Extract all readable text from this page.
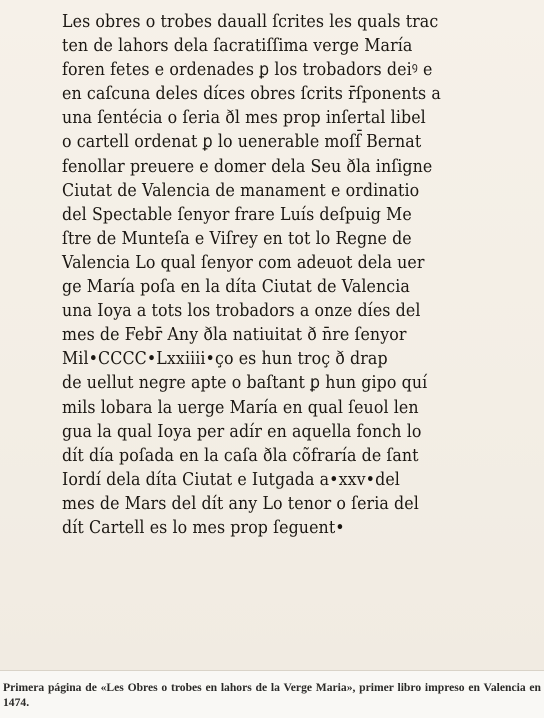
Les obres o trobes dauall ſcrites les quals trac
ten de lahors dela ſacratiſſima verge María
foren fetes e ordenades ꝑ los trobadors deiꝰ e
en caſcuna deles díꞇes obres ſcrits r̄ſponents a
una ſentécia o ſeria ðl mes prop inſertal libel
o cartell ordenat ꝑ lo uenerable moſſ̄ Bernat
fenollar preuere e domer dela Seu ðla inſigne
Ciutat de Valencia de manament e ordinatio
del Spectable ſenyor frare Luís deſpuig Me
ſtre de Munteſa e Viſrey en tot lo Regne de
Valencia Lo qual ſenyor com adeuot dela uer
ge María poſa en la díta Ciutat de Valencia
una Ioya a tots los trobadors a onze díes del
mes de Febr̄ Any ðla natiuitat ð n̄re ſenyor
Mil•CCCC•Lxxiiii•ço es hun troç ð drap
de uellut negre apte o baſtant ꝑ hun gipo quí
mils lobara la uerge María en qual ſeuol len
gua la qual Ioya per adír en aquella fonch lo
dít día poſada en la caſa ðla cõfraría de ſant
Iordí dela díta Ciutat e Iutgada a•xxv•del
mes de Mars del dít any Lo tenor o ſeria del
dít Cartell es lo mes prop ſeguent•

Primera página de «Les Obres o trobes en lahors de la Verge Maria», primer libro impreso en Valencia en 1474.
